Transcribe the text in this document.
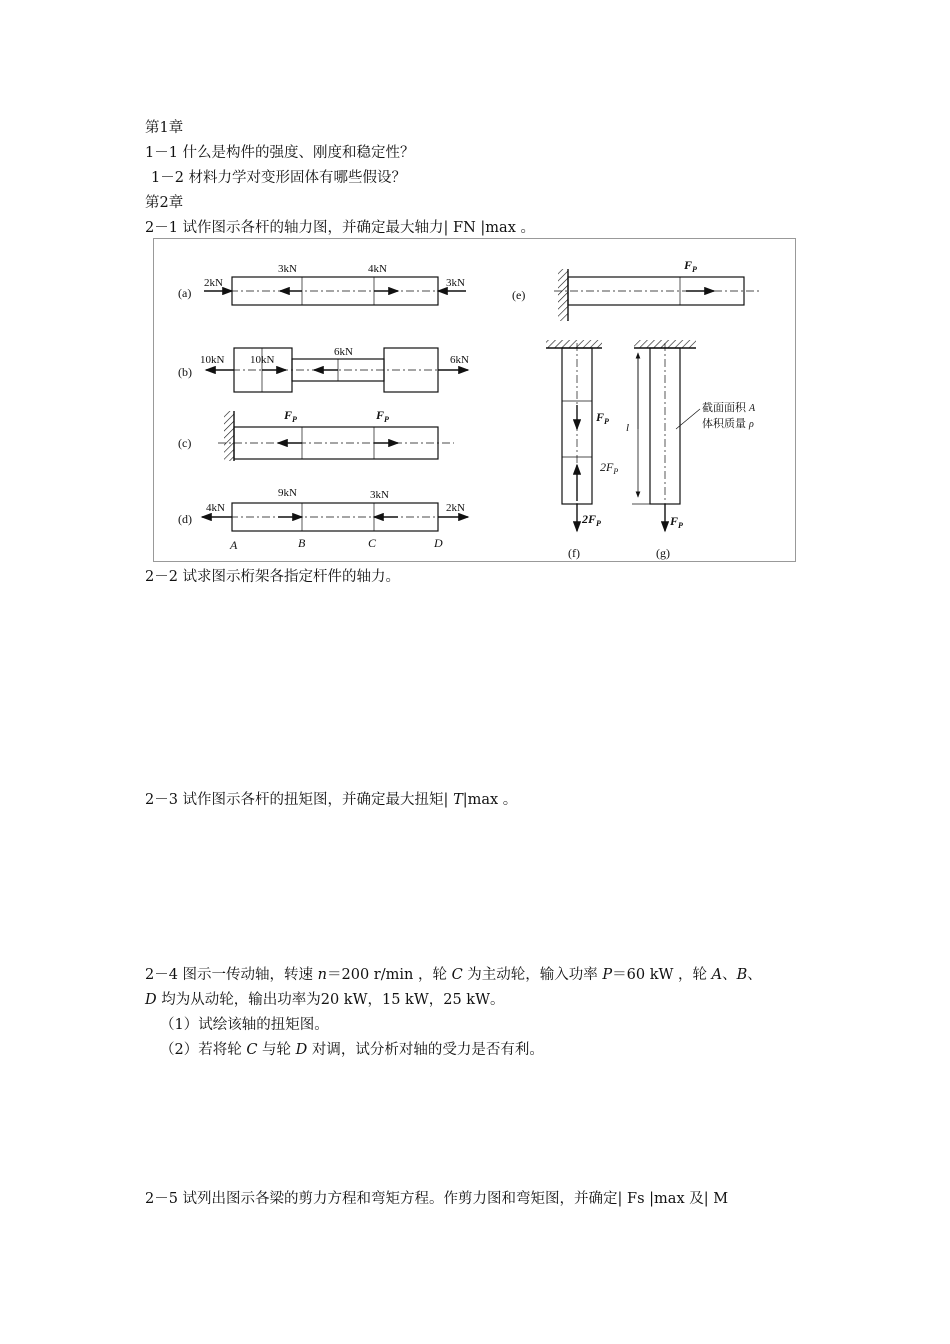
第1章
1－1 什么是构件的强度、刚度和稳定性？
1－2 材料力学对变形固体有哪些假设？
第2章
2－1 试作图示各杆的轴力图，并确定最大轴力| FN |max 。
(a)
2kN
3kN	4kN
3kN
(b)
10kN 10kN
6kN
6kN
(c)
$F_P$	$F_P$
(d)
4kN
9kN	3kN
2kN
A	B	C	D
(e)
$F_P$
$F_P$
$2F_P$
$2F_P$
(f)
l
$F_P$
截面面积 A
体积质量 ρ
(g)
2－2 试求图示桁架各指定杆件的轴力。
2－3 试作图示各杆的扭矩图，并确定最大扭矩| T|max 。
2－4 图示一传动轴，转速 n＝200 r/min ，轮 C 为主动轮，输入功率 P＝60 kW ，轮 A、B、
D 均为从动轮，输出功率为20 kW，15 kW，25 kW。
（1）试绘该轴的扭矩图。
（2）若将轮 C 与轮 D 对调，试分析对轴的受力是否有利。
2－5 试列出图示各梁的剪力方程和弯矩方程。作剪力图和弯矩图，并确定| Fs |max 及| M
